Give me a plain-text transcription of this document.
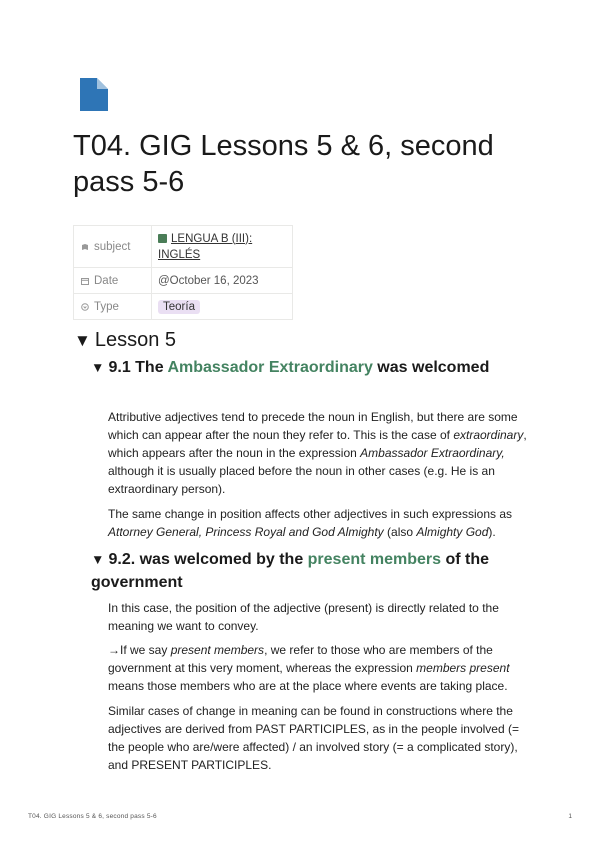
T04. GIG Lessons 5 & 6, second pass 5-6
subject	LENGUA B (III): INGLÉS

Date	@October 16, 2023

Type	Teoría
▼ Lesson 5
▼ 9.1 The Ambassador Extraordinary was welcomed

Attributive adjectives tend to precede the noun in English, but there are some which can appear after the noun they refer to. This is the case of extraordinary, which appears after the noun in the expression Ambassador Extraordinary, although it is usually placed before the noun in other cases (e.g. He is an extraordinary person).

The same change in position affects other adjectives in such expressions as Attorney General, Princess Royal and God Almighty (also Almighty God).

▼ 9.2. was welcomed by the present members of the government

In this case, the position of the adjective (present) is directly related to the meaning we want to convey.

→If we say present members, we refer to those who are members of the government at this very moment, whereas the expression members present means those members who are at the place where events are taking place.

Similar cases of change in meaning can be found in constructions where the adjectives are derived from PAST PARTICIPLES, as in the people involved (= the people who are/were affected) / an involved story (= a complicated story), and PRESENT PARTICIPLES.

T04. GIG Lessons 5 & 6, second pass 5-6	1
